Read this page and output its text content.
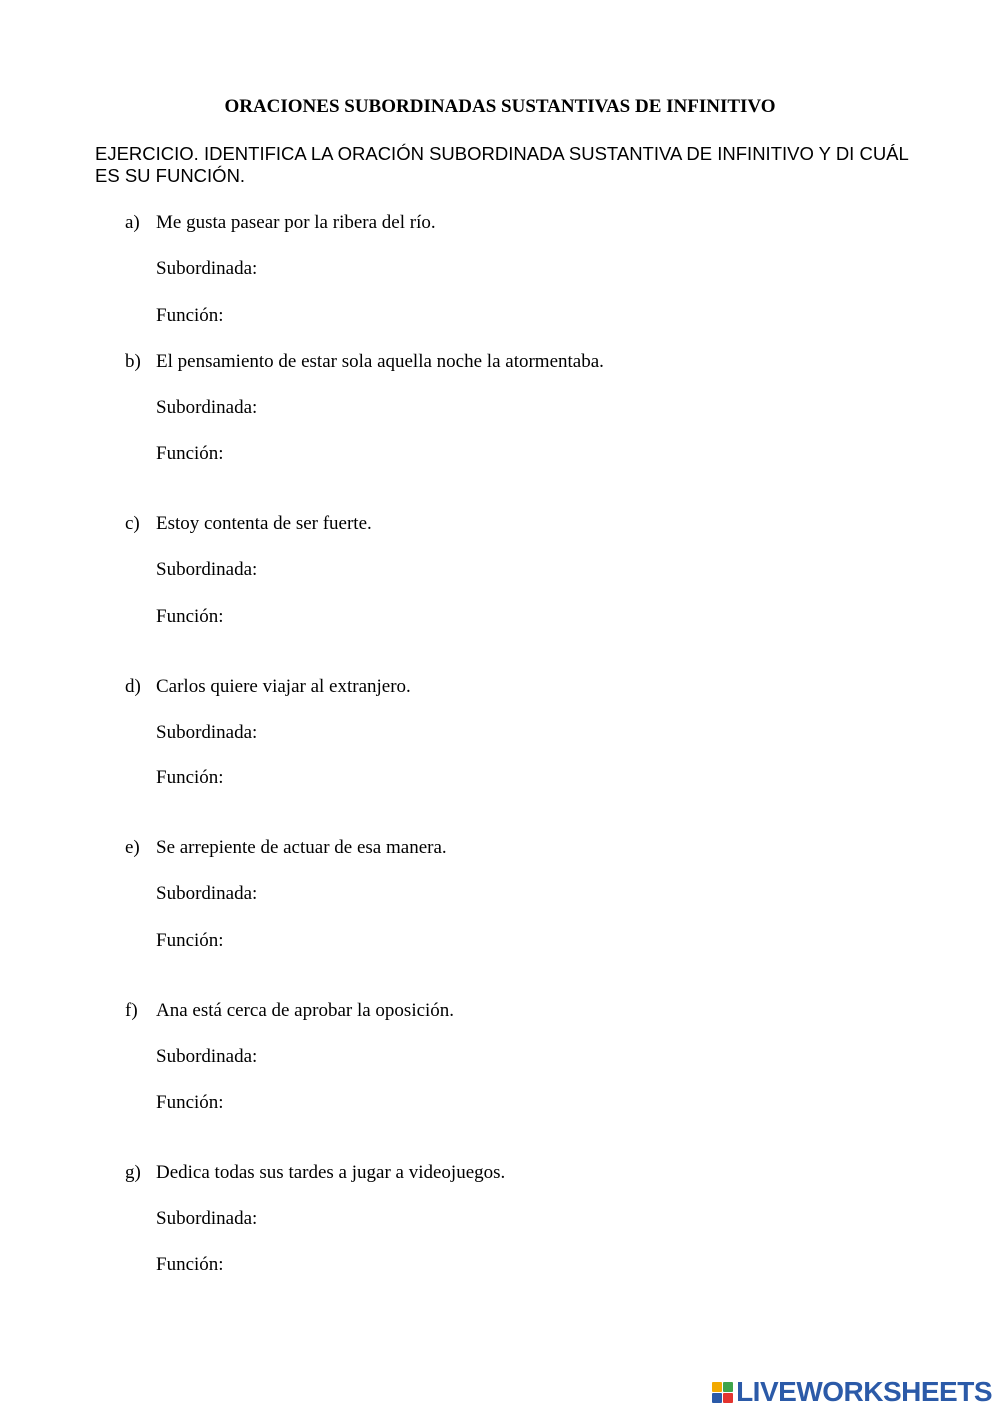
ORACIONES SUBORDINADAS SUSTANTIVAS DE INFINITIVO
EJERCICIO. IDENTIFICA LA ORACIÓN SUBORDINADA SUSTANTIVA DE INFINITIVO Y DI CUÁL ES SU FUNCIÓN.
a) Me gusta pasear por la ribera del río.
Subordinada:
Función:
b) El pensamiento de estar sola aquella noche la atormentaba.
Subordinada:
Función:
c) Estoy contenta de ser fuerte.
Subordinada:
Función:
d) Carlos quiere viajar al extranjero.
Subordinada:
Función:
e) Se arrepiente de actuar de esa manera.
Subordinada:
Función:
f) Ana está cerca de aprobar la oposición.
Subordinada:
Función:
g) Dedica todas sus tardes a jugar a videojuegos.
Subordinada:
Función:
LIVEWORKSHEETS
